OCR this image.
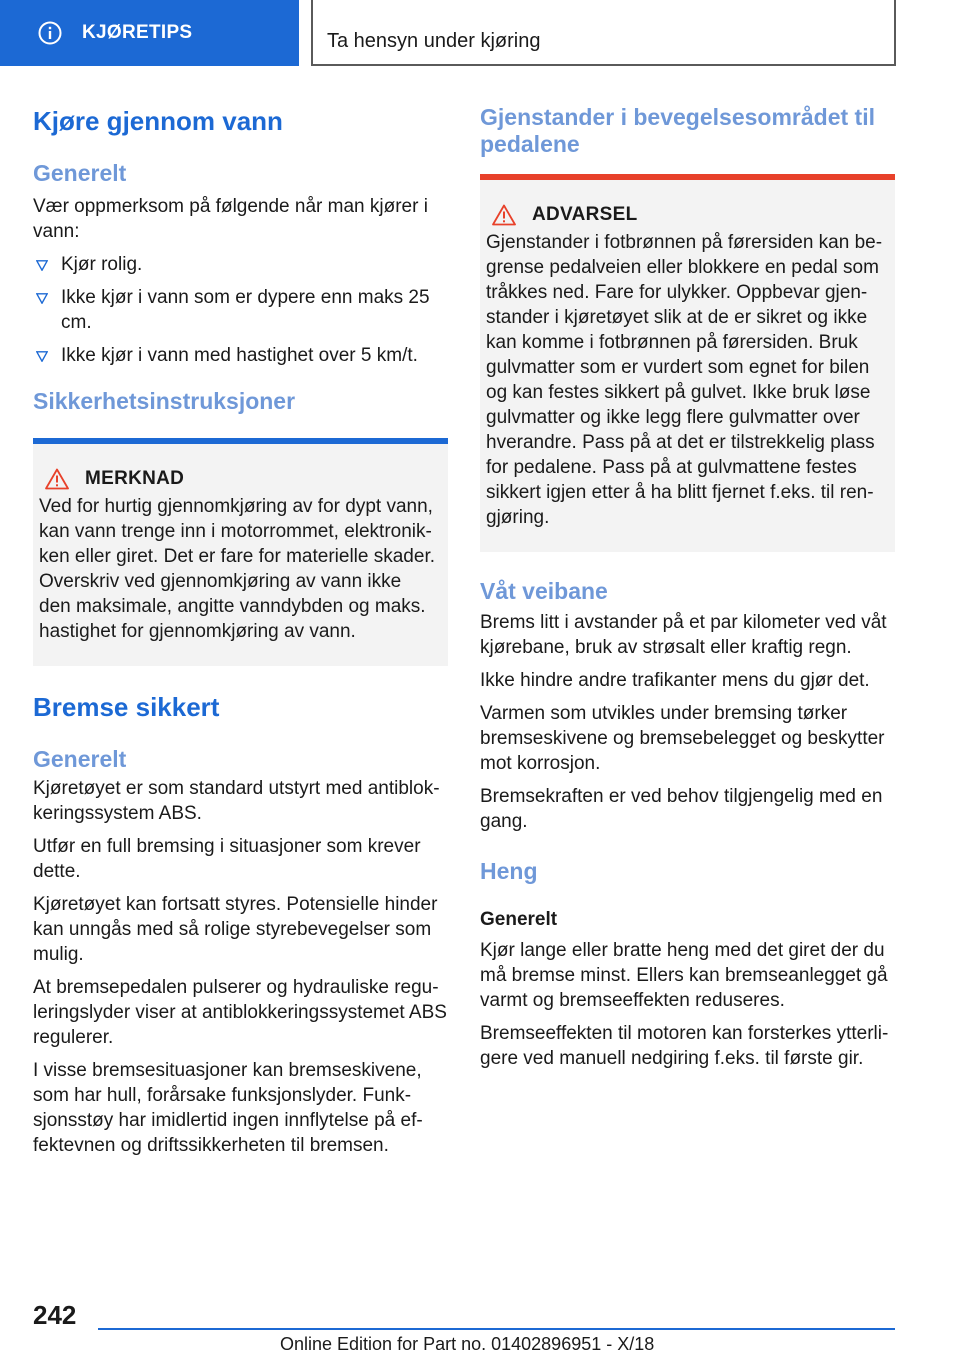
KJØRETIPS	Ta hensyn under kjøring
Kjøre gjennom vann
Generelt

Vær oppmerksom på følgende når man kjører i vann:

Kjør rolig.
Ikke kjør i vann som er dypere enn maks 25 cm.
Ikke kjør i vann med hastighet over 5 km/t.
Sikkerhetsinstruksjoner
MERKNAD

Ved for hurtig gjennomkjøring av for dypt vann, kan vann trenge inn i motorrommet, elektronikken eller giret. Det er fare for materielle skader. Overskriv ved gjennomkjøring av vann ikke den maksimale, angitte vanndybden og maks. hastighet for gjennomkjøring av vann.

Bremse sikkert
Generelt

Kjøretøyet er som standard utstyrt med antiblokkeringssystem ABS.

Utfør en full bremsing i situasjoner som krever dette.

Kjøretøyet kan fortsatt styres. Potensielle hinder kan unngås med så rolige styrebevegelser som mulig.

At bremsepedalen pulserer og hydrauliske reguleringslyder viser at antiblokkeringssystemet ABS regulerer.

I visse bremsesituasjoner kan bremseskivene, som har hull, forårsake funksjonslyder. Funksjonsstøy har imidlertid ingen innflytelse på effektevnen og driftssikkerheten til bremsen.

Gjenstander i bevegelsesområdet til pedalene
ADVARSEL

Gjenstander i fotbrønnen på førersiden kan begrense pedalveien eller blokkere en pedal som tråkkes ned. Fare for ulykker. Oppbevar gjenstander i kjøretøyet slik at de er sikret og ikke kan komme i fotbrønnen på førersiden. Bruk gulvmatter som er vurdert som egnet for bilen og kan festes sikkert på gulvet. Ikke bruk løse gulvmatter og ikke legg flere gulvmatter over hverandre. Pass på at det er tilstrekkelig plass for pedalene. Pass på at gulvmattene festes sikkert igjen etter å ha blitt fjernet f.eks. til rengjøring.

Våt veibane

Brems litt i avstander på et par kilometer ved våt kjørebane, bruk av strøsalt eller kraftig regn.

Ikke hindre andre trafikanter mens du gjør det.

Varmen som utvikles under bremsing tørker bremseskivene og bremsebelegget og beskytter mot korrosjon.

Bremsekraften er ved behov tilgjengelig med en gang.

Heng
Generelt

Kjør lange eller bratte heng med det giret der du må bremse minst. Ellers kan bremseanlegget gå varmt og bremseeffekten reduseres.

Bremseeffekten til motoren kan forsterkes ytterligere ved manuell nedgiring f.eks. til første gir.

242
Online Edition for Part no. 01402896951 - X/18
